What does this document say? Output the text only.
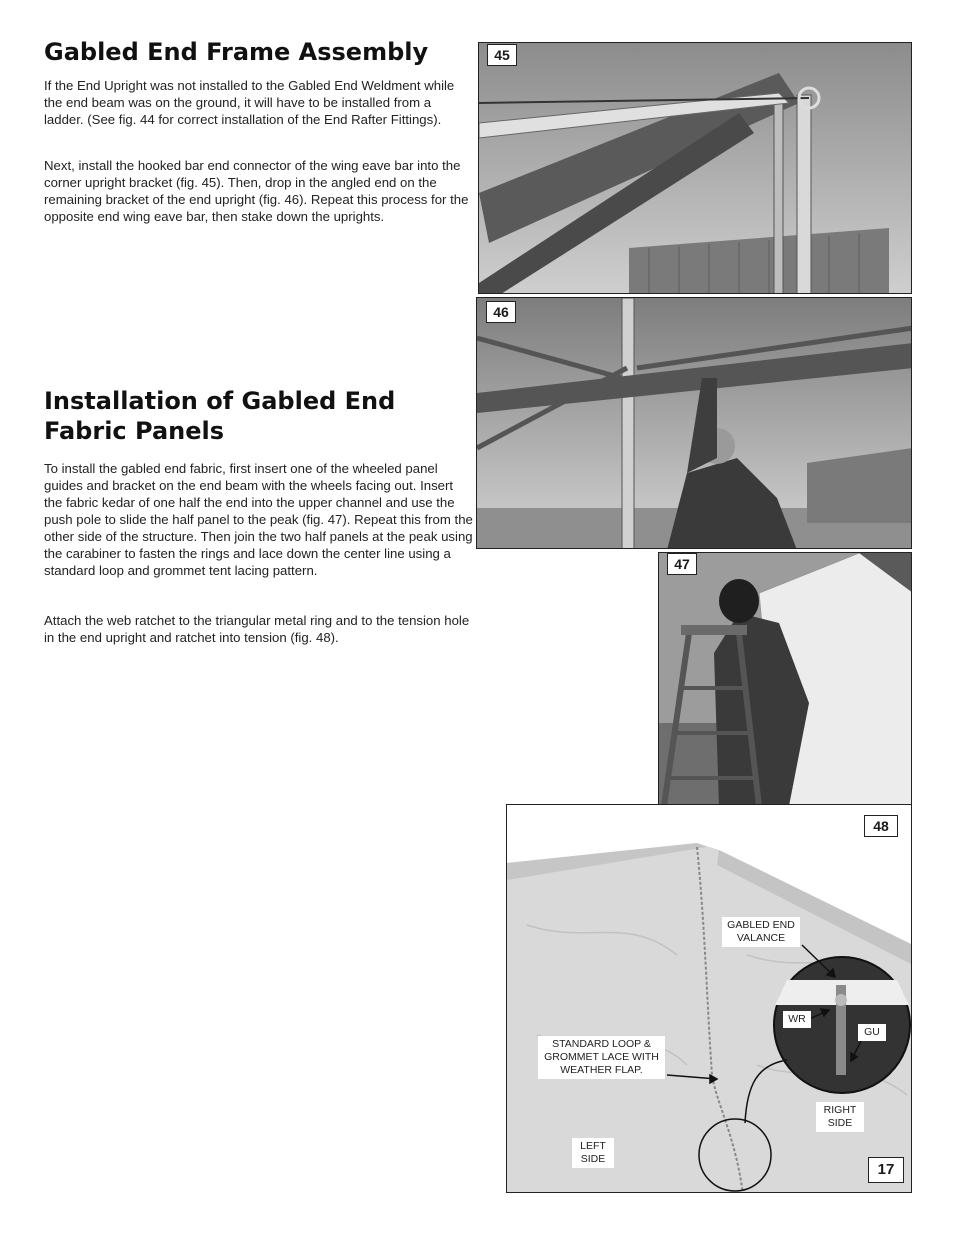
Gabled End Frame Assembly

If the End Upright was not installed to the Gabled End Weldment while the end beam was on the ground, it will have to be installed from a ladder. (See fig. 44 for correct installation of the End Rafter Fittings).

Next, install the hooked bar end connector of the wing eave bar into the corner upright bracket (fig. 45). Then, drop in the angled end on the remaining bracket of the end upright (fig. 46). Repeat this process for the opposite end wing eave bar, then stake down the uprights.

Installation of Gabled End Fabric Panels

To install the gabled end fabric, first insert one of the wheeled panel guides and bracket on the end beam with the wheels facing out. Insert the fabric kedar of one half the end into the upper channel and use the push pole to slide the half panel to the peak (fig. 47). Repeat this from the other side of the structure. Then join the two half panels at the peak using the carabiner to fasten the rings and lace down the center line using a standard loop and grommet tent lacing pattern.

Attach the web ratchet to the triangular metal ring and to the tension hole in the end upright and ratchet into tension (fig. 48).

45
46
47
48
GABLED END VALANCE
WR
GU
STANDARD LOOP & GROMMET LACE WITH WEATHER FLAP.
RIGHT SIDE
LEFT SIDE
17
